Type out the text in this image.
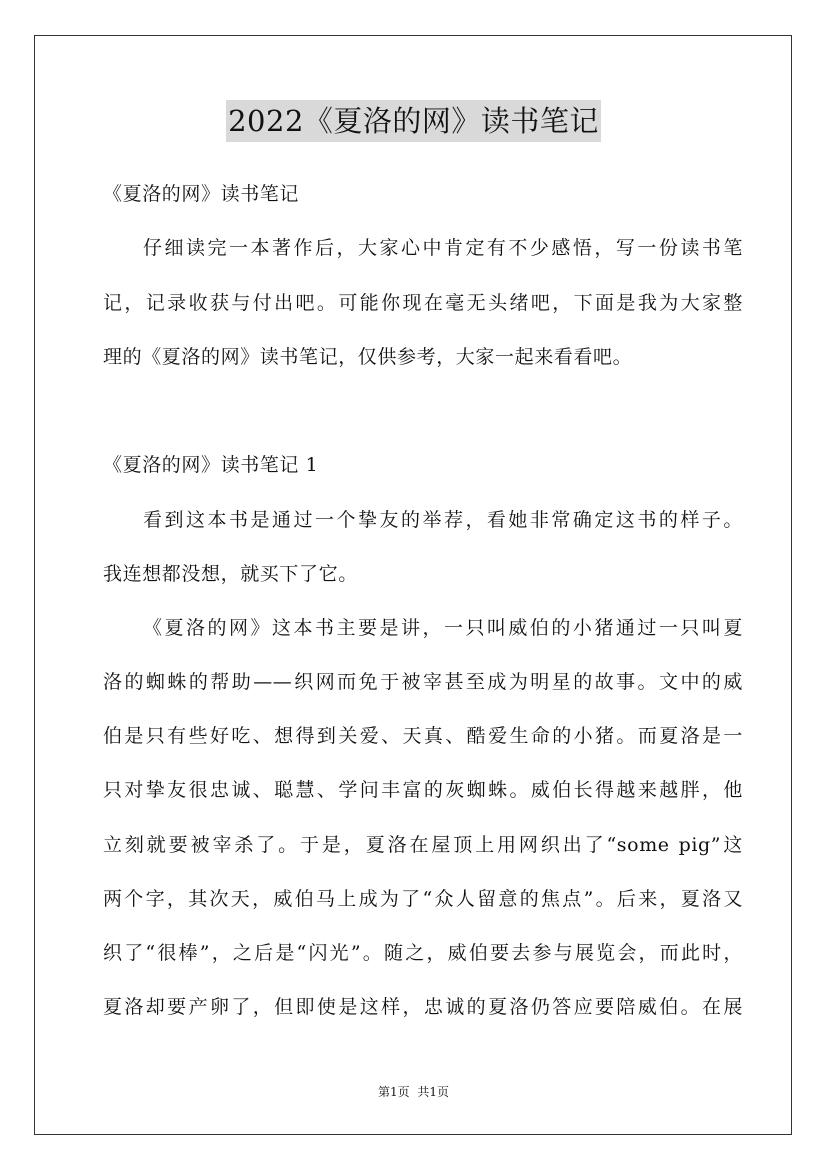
2022《夏洛的网》读书笔记
《夏洛的网》读书笔记
仔细读完一本著作后，大家心中肯定有不少感悟，写一份读书笔
记，记录收获与付出吧。可能你现在毫无头绪吧，下面是我为大家整
理的《夏洛的网》读书笔记，仅供参考，大家一起来看看吧。
《夏洛的网》读书笔记 1
看到这本书是通过一个挚友的举荐，看她非常确定这书的样子。
我连想都没想，就买下了它。
《夏洛的网》这本书主要是讲，一只叫威伯的小猪通过一只叫夏
洛的蜘蛛的帮助——织网而免于被宰甚至成为明星的故事。文中的威
伯是只有些好吃、想得到关爱、天真、酷爱生命的小猪。而夏洛是一
只对挚友很忠诚、聪慧、学问丰富的灰蜘蛛。威伯长得越来越胖，他
立刻就要被宰杀了。于是，夏洛在屋顶上用网织出了“some pig”这
两个字，其次天，威伯马上成为了“众人留意的焦点”。后来，夏洛又
织了“很棒”，之后是“闪光”。随之，威伯要去参与展览会，而此时，
夏洛却要产卵了，但即使是这样，忠诚的夏洛仍答应要陪威伯。在展
第1页 共1页
